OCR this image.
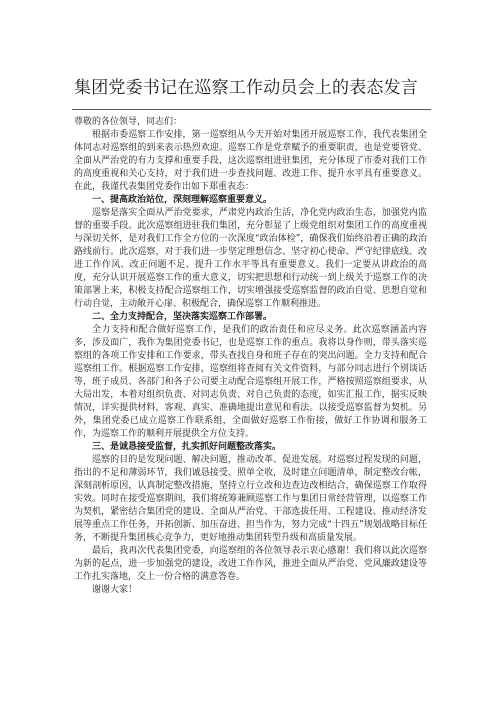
集团党委书记在巡察工作动员会上的表态发言

尊敬的各位领导，同志们：

根据市委巡察工作安排，第一巡察组从今天开始对集团开展巡察工作，我代表集团全体同志对巡察组的到来表示热烈欢迎。巡察工作是党章赋予的重要职责，也是党要管党、全面从严治党的有力支撑和重要手段，这次巡察组进驻集团，充分体现了市委对我们工作的高度重视和关心支持，对于我们进一步查找问题、改进工作、提升水平具有重要意义。在此，我谨代表集团党委作出如下郑重表态：

一、提高政治站位，深刻理解巡察重要意义。

巡察是落实全面从严治党要求，严肃党内政治生活，净化党内政治生态，加强党内监督的重要手段。此次巡察组进驻我们集团，充分彰显了上级党组织对集团工作的高度重视与深切关怀，是对我们工作全方位的一次深度“政治体检”，确保我们始终沿着正确的政治路线前行。此次巡察，对于我们进一步坚定理想信念、坚守初心使命、严守纪律底线、改进工作作风、改正问题不足、提升工作水平等具有重要意义。我们一定要从讲政治的高度，充分认识开展巡察工作的重大意义，切实把思想和行动统一到上级关于巡察工作的决策部署上来，积极支持配合巡察组工作，切实增强接受巡察监督的政治自觉、思想自觉和行动自觉，主动敞开心扉、积极配合，确保巡察工作顺利推进。

二、全力支持配合，坚决落实巡察工作部署。

全力支持和配合做好巡察工作，是我们的政治责任和应尽义务。此次巡察涵盖内容多，涉及面广，我作为集团党委书记，也是巡察工作的重点。我将以身作则，带头落实巡察组的各项工作安排和工作要求，带头查找自身和班子存在的突出问题。全力支持和配合巡察组工作。根据巡察工作安排，巡察组将查阅有关文件资料，与部分同志进行个别谈话等，班子成员、各部门和各子公司要主动配合巡察组开展工作，严格按照巡察组要求，从大局出发，本着对组织负责、对同志负责、对自己负责的态度，如实汇报工作，据实反映情况，详实提供材料，客观、真实、准确地提出意见和看法。以接受巡察监督为契机。另外，集团党委已成立巡察工作联系组，全面做好巡察工作衔接，做好工作协调和服务工作，为巡察工作的顺利开展提供全方位支持。

三、是诚恳接受监督，扎实抓好问题整改落实。

巡察的目的是发现问题、解决问题，推动改革、促进发展。对巡察过程发现的问题，指出的不足和薄弱环节，我们诚恳接受、照单全收，及时建立问题清单，制定整改台帐，深刻剖析原因，认真制定整改措施，坚持立行立改和边查边改相结合，确保巡察工作取得实效。同时在接受巡察期间，我们将统筹兼顾巡察工作与集团日常经营管理，以巡察工作为契机，紧密结合集团党的建设、全面从严治党、干部选拔任用、工程建设、推动经济发展等重点工作任务，开拓创新、加压奋进、担当作为，努力完成“十四五”规划战略目标任务，不断提升集团核心竞争力，更好地推动集团转型升级和高质量发展。

最后，我再次代表集团党委，向巡察组的各位领导表示衷心感谢！我们将以此次巡察为新的起点，进一步加强党的建设，改进工作作风，推进全面从严治党、党风廉政建设等工作扎实落地，交上一份合格的满意答卷。

谢谢大家！
